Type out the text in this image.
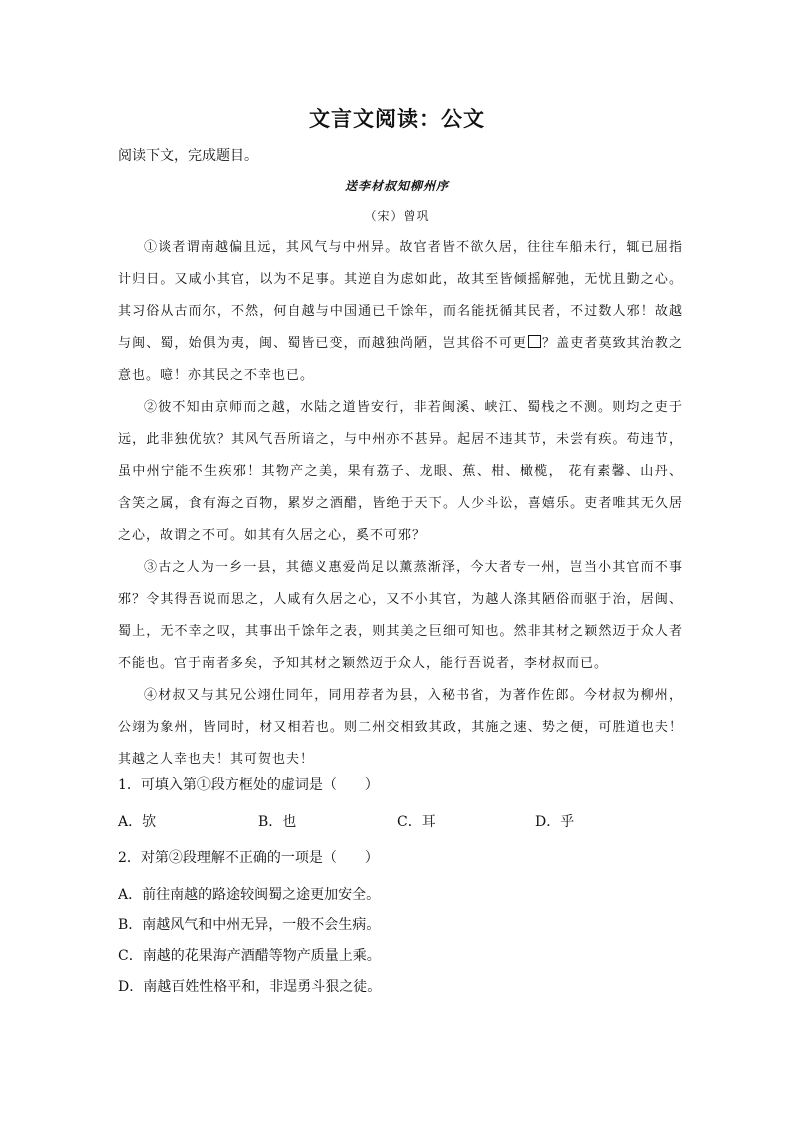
文言文阅读：公文
阅读下文，完成题目。
送李材叔知柳州序
（宋）曾巩

①谈者谓南越偏且远，其风气与中州异。故官者皆不欲久居，往往车船未行，辄已屈指计归日。又咸小其官，以为不足事。其逆自为虑如此，故其至皆倾摇解弛，无忧且勤之心。其习俗从古而尔，不然，何自越与中国通已千馀年，而名能抚循其民者，不过数人邪！故越与闽、蜀，始俱为夷，闽、蜀皆已变，而越独尚陋，岂其俗不可更 ？盖吏者莫致其治教之意也。噫！亦其民之不幸也已。

②彼不知由京师而之越，水陆之道皆安行，非若闽溪、峡江、蜀栈之不测。则均之吏于远，此非独优欤？其风气吾所谙之，与中州亦不甚异。起居不违其节，未尝有疾。苟违节，虽中州宁能不生疾邪！其物产之美，果有荔子、龙眼、蕉、柑、橄榄， 花有素馨、山丹、含笑之属，食有海之百物，累岁之酒醋，皆绝于天下。人少斗讼，喜嬉乐。吏者唯其无久居之心，故谓之不可。如其有久居之心，奚不可邪？

③古之人为一乡一县，其德义惠爱尚足以薰蒸渐泽，今大者专一州，岂当小其官而不事邪？令其得吾说而思之，人咸有久居之心，又不小其官，为越人涤其陋俗而驱于治，居闽、蜀上，无不幸之叹，其事出千馀年之表，则其美之巨细可知也。然非其材之颖然迈于众人者不能也。官于南者多矣，予知其材之颖然迈于众人，能行吾说者，李材叔而已。

④材叔又与其兄公翊仕同年，同用荐者为县，入秘书省，为著作佐郎。今材叔为柳州，公翊为象州，皆同时，材又相若也。则二州交相致其政，其施之速、势之便，可胜道也夫！其越之人幸也夫！其可贺也夫！

1．可填入第①段方框处的虚词是（　　）
A．欤	B．也	C．耳	D．乎
2．对第②段理解不正确的一项是（　　）
A．前往南越的路途较闽蜀之途更加安全。
B．南越风气和中州无异，一般不会生病。
C．南越的花果海产酒醋等物产质量上乘。
D．南越百姓性格平和，非逞勇斗狠之徒。
